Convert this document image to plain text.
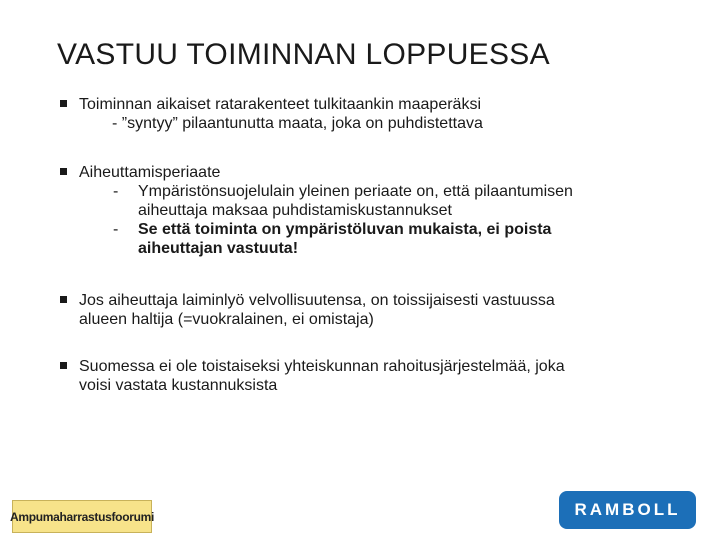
VASTUU TOIMINNAN LOPPUESSA
Toiminnan aikaiset ratarakenteet tulkitaankin maaperäksi
- ”syntyy” pilaantunutta maata, joka on puhdistettava
Aiheuttamisperiaate
- Ympäristönsuojelulain yleinen periaate on, että pilaantumisen
aiheuttaja maksaa puhdistamiskustannukset
- Se että toiminta on ympäristöluvan mukaista, ei poista
aiheuttajan vastuuta!
Jos aiheuttaja laiminlyö velvollisuutensa, on toissijaisesti vastuussa
alueen haltija (=vuokralainen, ei omistaja)
Suomessa ei ole toistaiseksi yhteiskunnan rahoitusjärjestelmää, joka
voisi vastata kustannuksista
Ampumaharrastusfoorumi	RAMBOLL
